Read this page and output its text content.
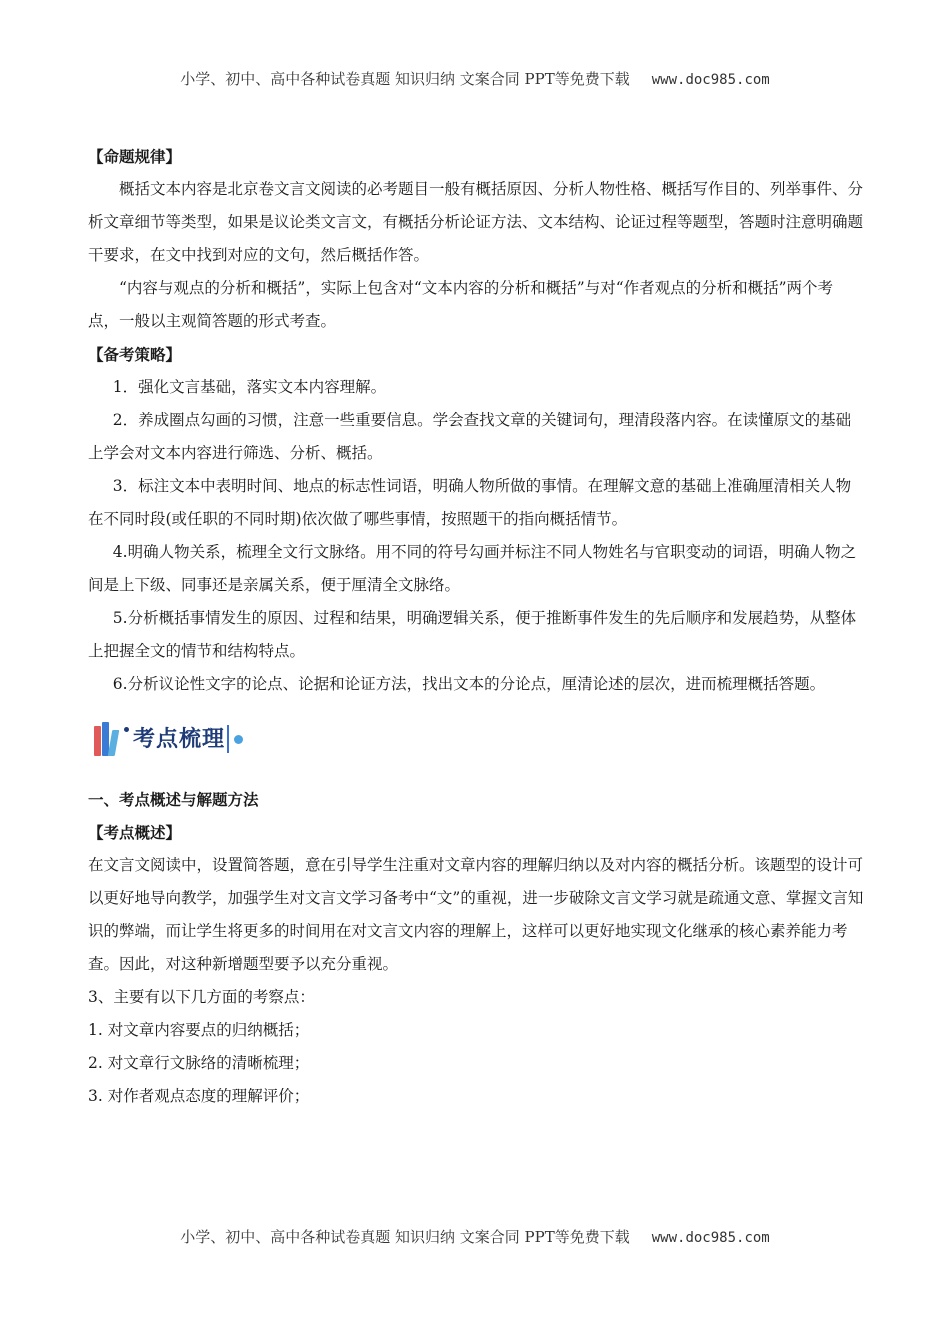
小学、初中、高中各种试卷真题 知识归纳 文案合同 PPT等免费下载 www.doc985.com

【命题规律】

概括文本内容是北京卷文言文阅读的必考题目一般有概括原因、分析人物性格、概括写作目的、列举事件、分析文章细节等类型，如果是议论类文言文，有概括分析论证方法、文本结构、论证过程等题型，答题时注意明确题干要求，在文中找到对应的文句，然后概括作答。

“内容与观点的分析和概括”，实际上包含对“文本内容的分析和概括”与对“作者观点的分析和概括”两个考点，一般以主观简答题的形式考查。

【备考策略】

1．强化文言基础，落实文本内容理解。

2．养成圈点勾画的习惯，注意一些重要信息。学会查找文章的关键词句，理清段落内容。在读懂原文的基础上学会对文本内容进行筛选、分析、概括。

3．标注文本中表明时间、地点的标志性词语，明确人物所做的事情。在理解文意的基础上准确厘清相关人物在不同时段(或任职的不同时期)依次做了哪些事情，按照题干的指向概括情节。

4.明确人物关系，梳理全文行文脉络。用不同的符号勾画并标注不同人物姓名与官职变动的词语，明确人物之间是上下级、同事还是亲属关系，便于厘清全文脉络。

5.分析概括事情发生的原因、过程和结果，明确逻辑关系，便于推断事件发生的先后顺序和发展趋势，从整体上把握全文的情节和结构特点。

6.分析议论性文字的论点、论据和论证方法，找出文本的分论点，厘清论述的层次，进而梳理概括答题。

考点梳理

一、考点概述与解题方法

【考点概述】

在文言文阅读中，设置简答题，意在引导学生注重对文章内容的理解归纳以及对内容的概括分析。该题型的设计可以更好地导向教学，加强学生对文言文学习备考中“文”的重视，进一步破除文言文学习就是疏通文意、掌握文言知识的弊端，而让学生将更多的时间用在对文言文内容的理解上，这样可以更好地实现文化继承的核心素养能力考查。因此，对这种新增题型要予以充分重视。

3、主要有以下几方面的考察点：

1. 对文章内容要点的归纳概括；

2. 对文章行文脉络的清晰梳理；

3. 对作者观点态度的理解评价；

小学、初中、高中各种试卷真题 知识归纳 文案合同 PPT等免费下载 www.doc985.com
